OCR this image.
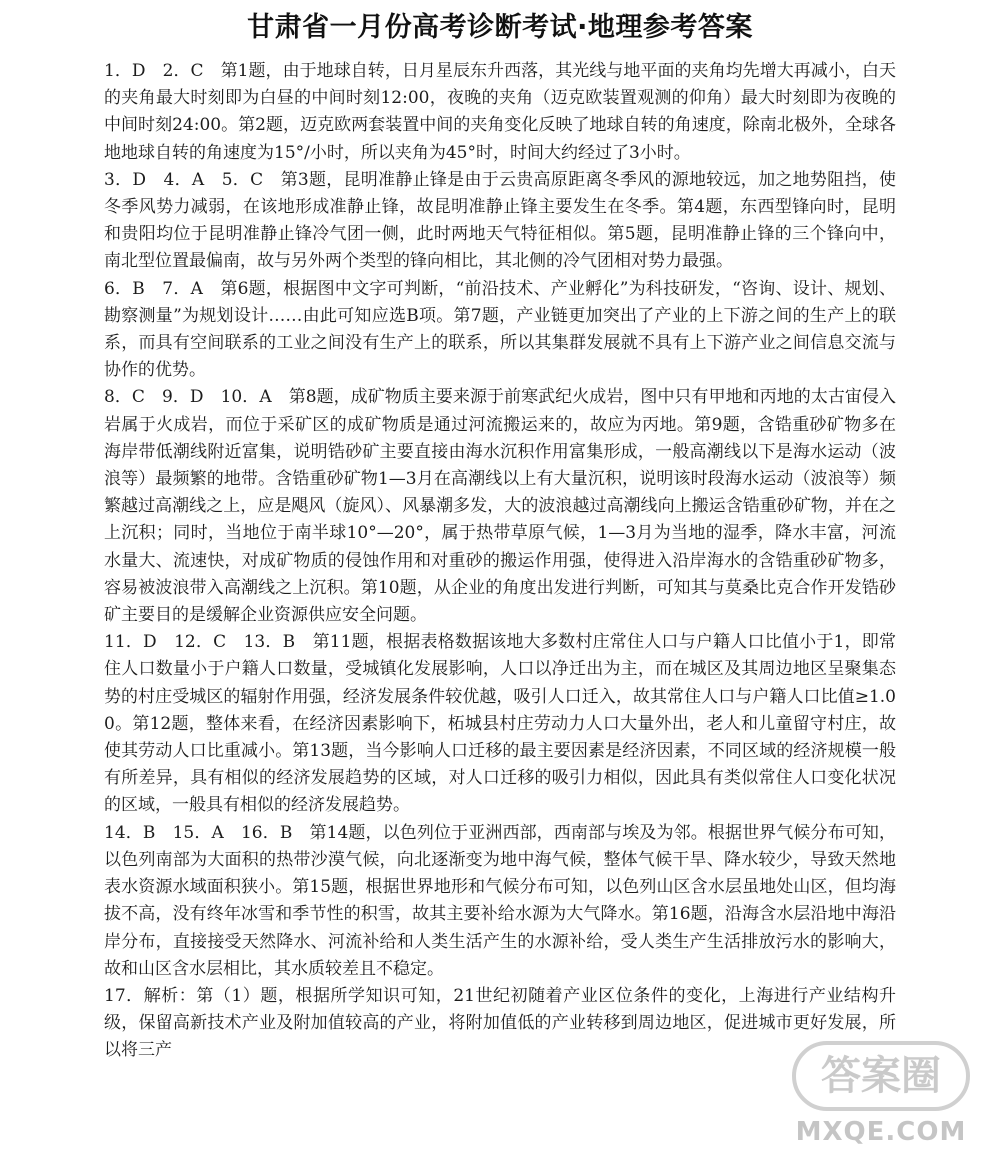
甘肃省一月份高考诊断考试·地理参考答案

1．D　2．C　第1题，由于地球自转，日月星辰东升西落，其光线与地平面的夹角均先增大再减小，白天的夹角最大时刻即为白昼的中间时刻12:00，夜晚的夹角（迈克欧装置观测的仰角）最大时刻即为夜晚的中间时刻24:00。第2题，迈克欧两套装置中间的夹角变化反映了地球自转的角速度，除南北极外，全球各地地球自转的角速度为15°/小时，所以夹角为45°时，时间大约经过了3小时。

3．D　4．A　5．C　第3题，昆明准静止锋是由于云贵高原距离冬季风的源地较远，加之地势阻挡，使冬季风势力减弱，在该地形成准静止锋，故昆明准静止锋主要发生在冬季。第4题，东西型锋向时，昆明和贵阳均位于昆明准静止锋冷气团一侧，此时两地天气特征相似。第5题，昆明准静止锋的三个锋向中，南北型位置最偏南，故与另外两个类型的锋向相比，其北侧的冷气团相对势力最强。

6．B　7．A　第6题，根据图中文字可判断，“前沿技术、产业孵化”为科技研发，“咨询、设计、规划、勘察测量”为规划设计……由此可知应选B项。第7题，产业链更加突出了产业的上下游之间的生产上的联系，而具有空间联系的工业之间没有生产上的联系，所以其集群发展就不具有上下游产业之间信息交流与协作的优势。

8．C　9．D　10．A　第8题，成矿物质主要来源于前寒武纪火成岩，图中只有甲地和丙地的太古宙侵入岩属于火成岩，而位于采矿区的成矿物质是通过河流搬运来的，故应为丙地。第9题，含锆重砂矿物多在海岸带低潮线附近富集，说明锆砂矿主要直接由海水沉积作用富集形成，一般高潮线以下是海水运动（波浪等）最频繁的地带。含锆重砂矿物1—3月在高潮线以上有大量沉积，说明该时段海水运动（波浪等）频繁越过高潮线之上，应是飓风（旋风）、风暴潮多发，大的波浪越过高潮线向上搬运含锆重砂矿物，并在之上沉积；同时，当地位于南半球10°—20°，属于热带草原气候，1—3月为当地的湿季，降水丰富，河流水量大、流速快，对成矿物质的侵蚀作用和对重砂的搬运作用强，使得进入沿岸海水的含锆重砂矿物多，容易被波浪带入高潮线之上沉积。第10题，从企业的角度出发进行判断，可知其与莫桑比克合作开发锆砂矿主要目的是缓解企业资源供应安全问题。

11．D　12．C　13．B　第11题，根据表格数据该地大多数村庄常住人口与户籍人口比值小于1，即常住人口数量小于户籍人口数量，受城镇化发展影响，人口以净迁出为主，而在城区及其周边地区呈聚集态势的村庄受城区的辐射作用强，经济发展条件较优越，吸引人口迁入，故其常住人口与户籍人口比值≥1.00。第12题，整体来看，在经济因素影响下，柘城县村庄劳动力人口大量外出，老人和儿童留守村庄，故使其劳动人口比重减小。第13题，当今影响人口迁移的最主要因素是经济因素，不同区域的经济规模一般有所差异，具有相似的经济发展趋势的区域，对人口迁移的吸引力相似，因此具有类似常住人口变化状况的区域，一般具有相似的经济发展趋势。

14．B　15．A　16．B　第14题，以色列位于亚洲西部，西南部与埃及为邻。根据世界气候分布可知，以色列南部为大面积的热带沙漠气候，向北逐渐变为地中海气候，整体气候干旱、降水较少，导致天然地表水资源水域面积狭小。第15题，根据世界地形和气候分布可知，以色列山区含水层虽地处山区，但均海拔不高，没有终年冰雪和季节性的积雪，故其主要补给水源为大气降水。第16题，沿海含水层沿地中海沿岸分布，直接接受天然降水、河流补给和人类生活产生的水源补给，受人类生产生活排放污水的影响大，故和山区含水层相比，其水质较差且不稳定。

17．解析：第（1）题，根据所学知识可知，21世纪初随着产业区位条件的变化，上海进行产业结构升级，保留高新技术产业及附加值较高的产业，将附加值低的产业转移到周边地区，促进城市更好发展，所以将三产

答案圈
MXQE.COM
